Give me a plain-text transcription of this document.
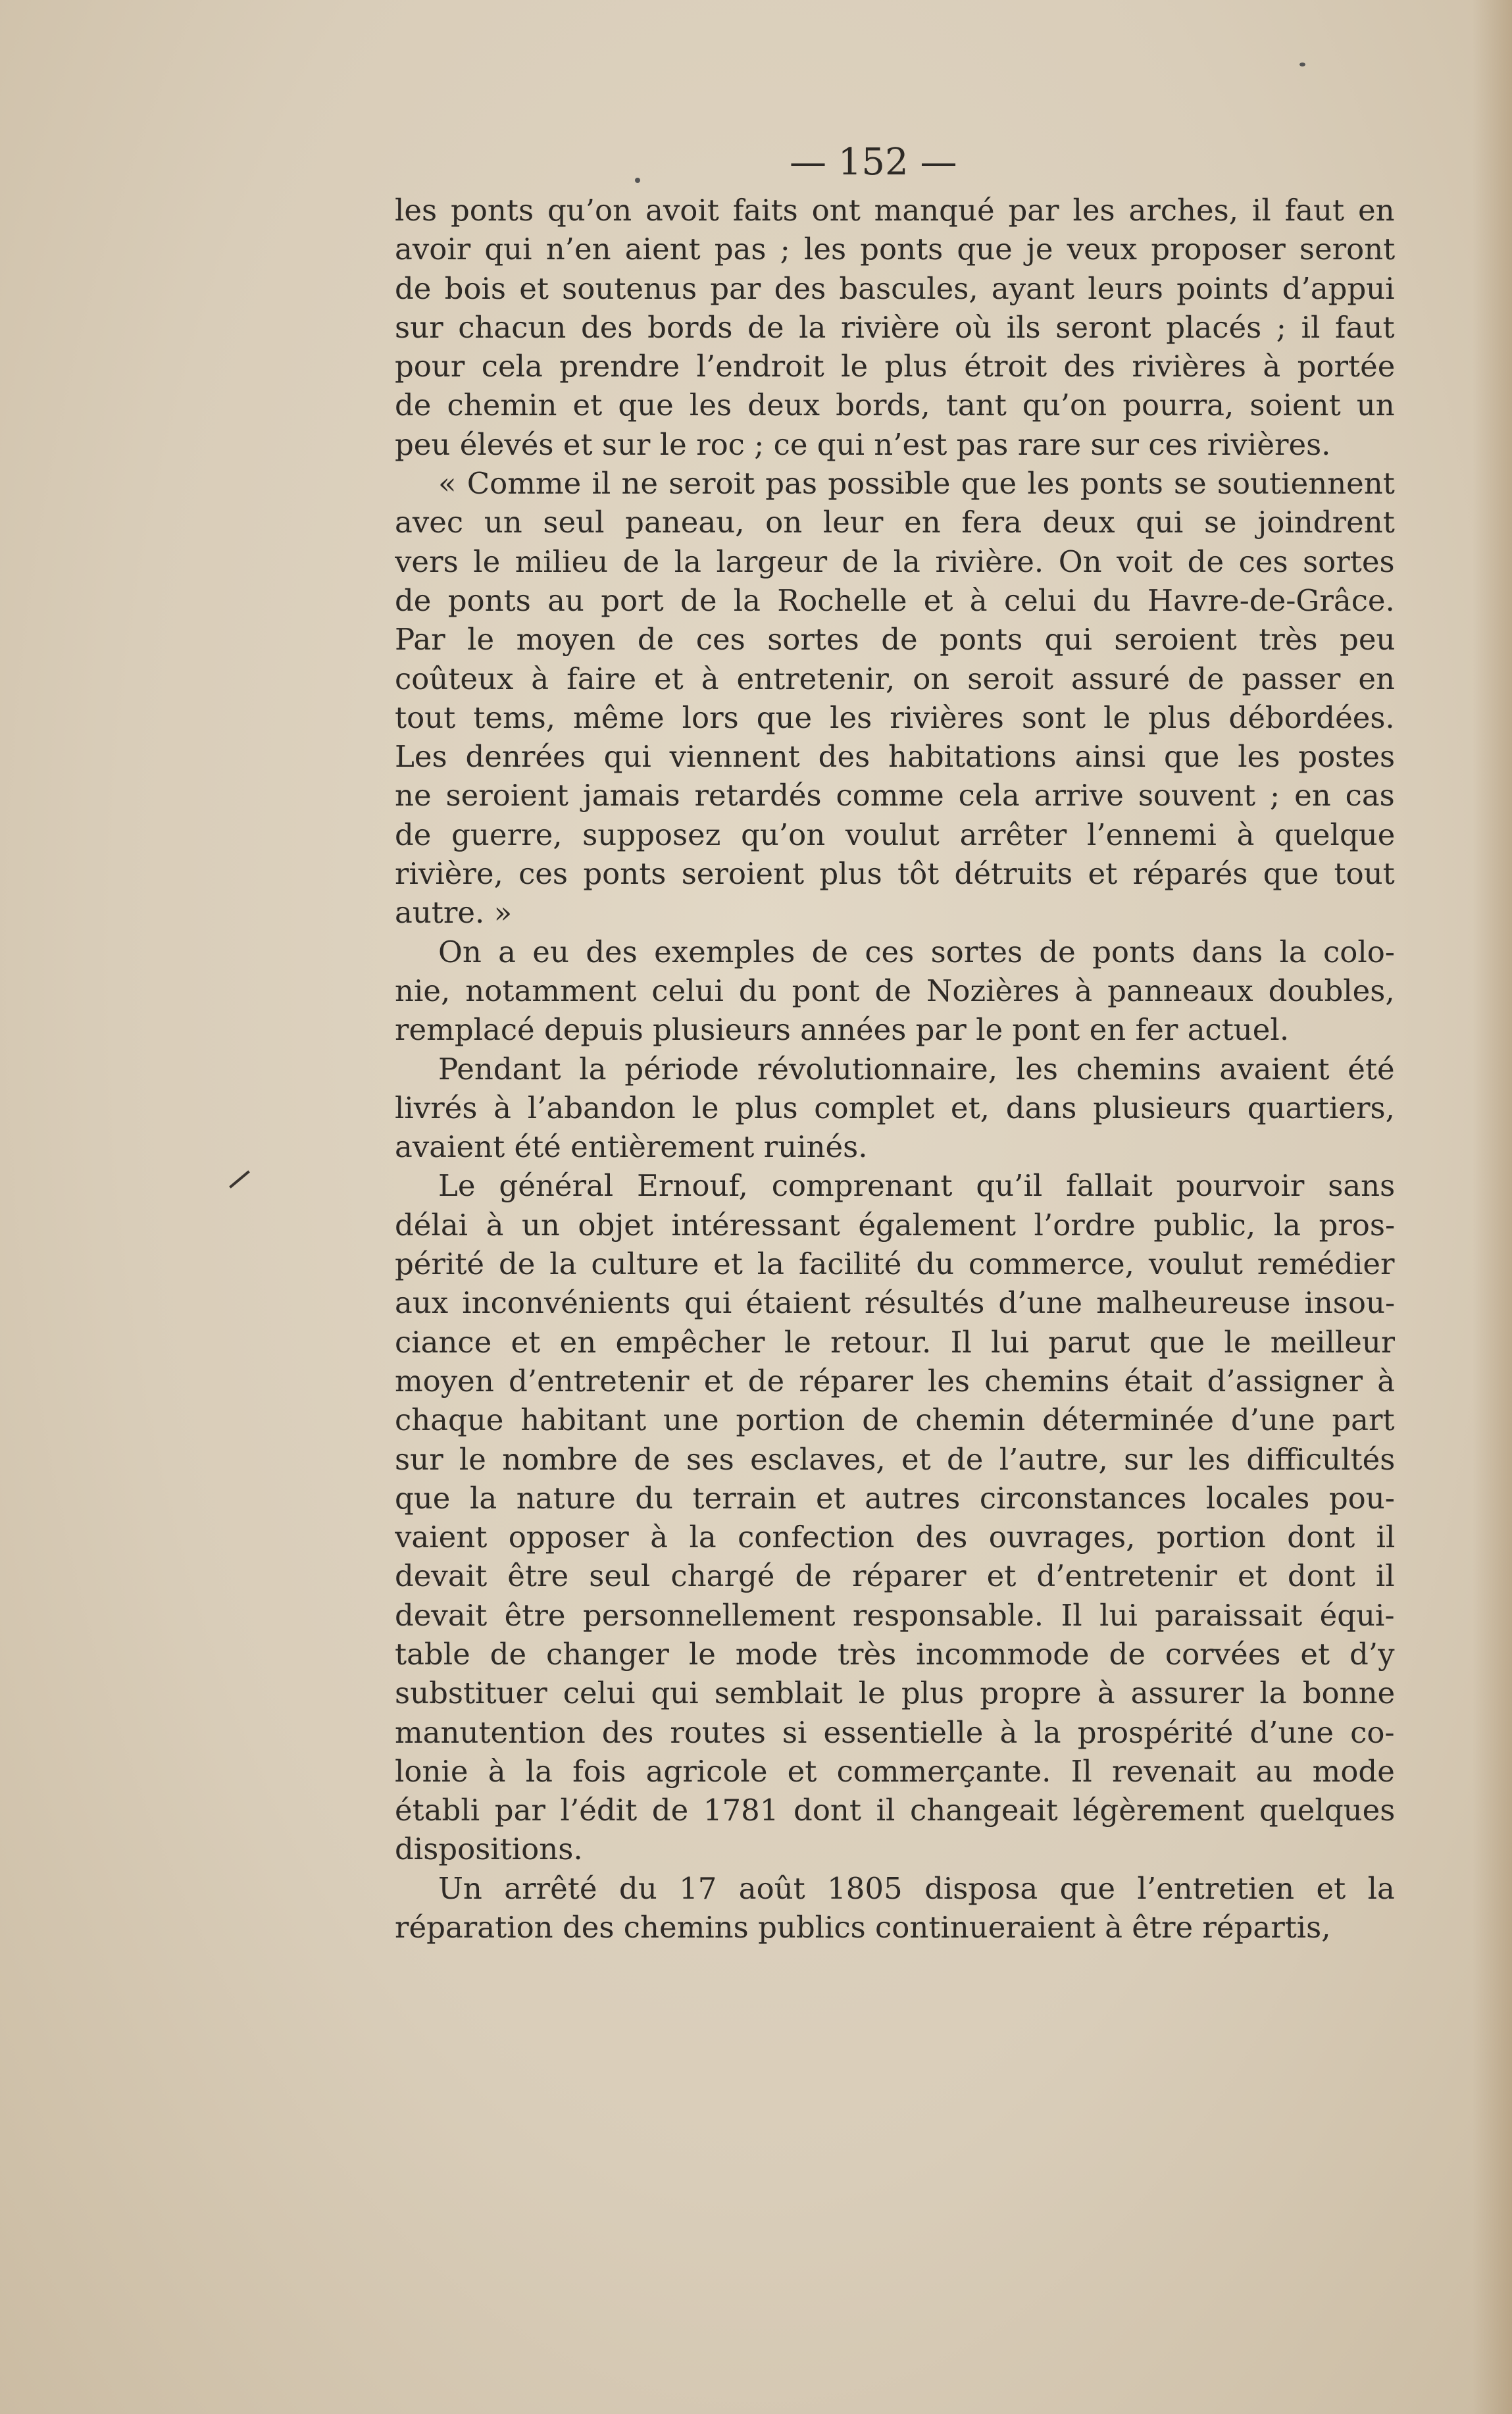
— 152 —
les ponts qu’on avoit faits ont manqué par les arches, il faut en
avoir qui n’en aient pas ; les ponts que je veux proposer seront
de bois et soutenus par des bascules, ayant leurs points d’appui
sur chacun des bords de la rivière où ils seront placés ; il faut
pour cela prendre l’endroit le plus étroit des rivières à portée
de chemin et que les deux bords, tant qu’on pourra, soient un
peu élevés et sur le roc ; ce qui n’est pas rare sur ces rivières.
« Comme il ne seroit pas possible que les ponts se soutiennent
avec un seul paneau, on leur en fera deux qui se joindrent
vers le milieu de la largeur de la rivière. On voit de ces sortes
de ponts au port de la Rochelle et à celui du Havre-de-Grâce.
Par le moyen de ces sortes de ponts qui seroient très peu
coûteux à faire et à entretenir, on seroit assuré de passer en
tout tems, même lors que les rivières sont le plus débordées.
Les denrées qui viennent des habitations ainsi que les postes
ne seroient jamais retardés comme cela arrive souvent ; en cas
de guerre, supposez qu’on voulut arrêter l’ennemi à quelque
rivière, ces ponts seroient plus tôt détruits et réparés que tout
autre. »
On a eu des exemples de ces sortes de ponts dans la colo-
nie, notamment celui du pont de Nozières à panneaux doubles,
remplacé depuis plusieurs années par le pont en fer actuel.
Pendant la période révolutionnaire, les chemins avaient été
livrés à l’abandon le plus complet et, dans plusieurs quartiers,
avaient été entièrement ruinés.
Le général Ernouf, comprenant qu’il fallait pourvoir sans
délai à un objet intéressant également l’ordre public, la pros-
périté de la culture et la facilité du commerce, voulut remédier
aux inconvénients qui étaient résultés d’une malheureuse insou-
ciance et en empêcher le retour. Il lui parut que le meilleur
moyen d’entretenir et de réparer les chemins était d’assigner à
chaque habitant une portion de chemin déterminée d’une part
sur le nombre de ses esclaves, et de l’autre, sur les difficultés
que la nature du terrain et autres circonstances locales pou-
vaient opposer à la confection des ouvrages, portion dont il
devait être seul chargé de réparer et d’entretenir et dont il
devait être personnellement responsable. Il lui paraissait équi-
table de changer le mode très incommode de corvées et d’y
substituer celui qui semblait le plus propre à assurer la bonne
manutention des routes si essentielle à la prospérité d’une co-
lonie à la fois agricole et commerçante. Il revenait au mode
établi par l’édit de 1781 dont il changeait légèrement quelques
dispositions.
Un arrêté du 17 août 1805 disposa que l’entretien et la
réparation des chemins publics continueraient à être répartis,
